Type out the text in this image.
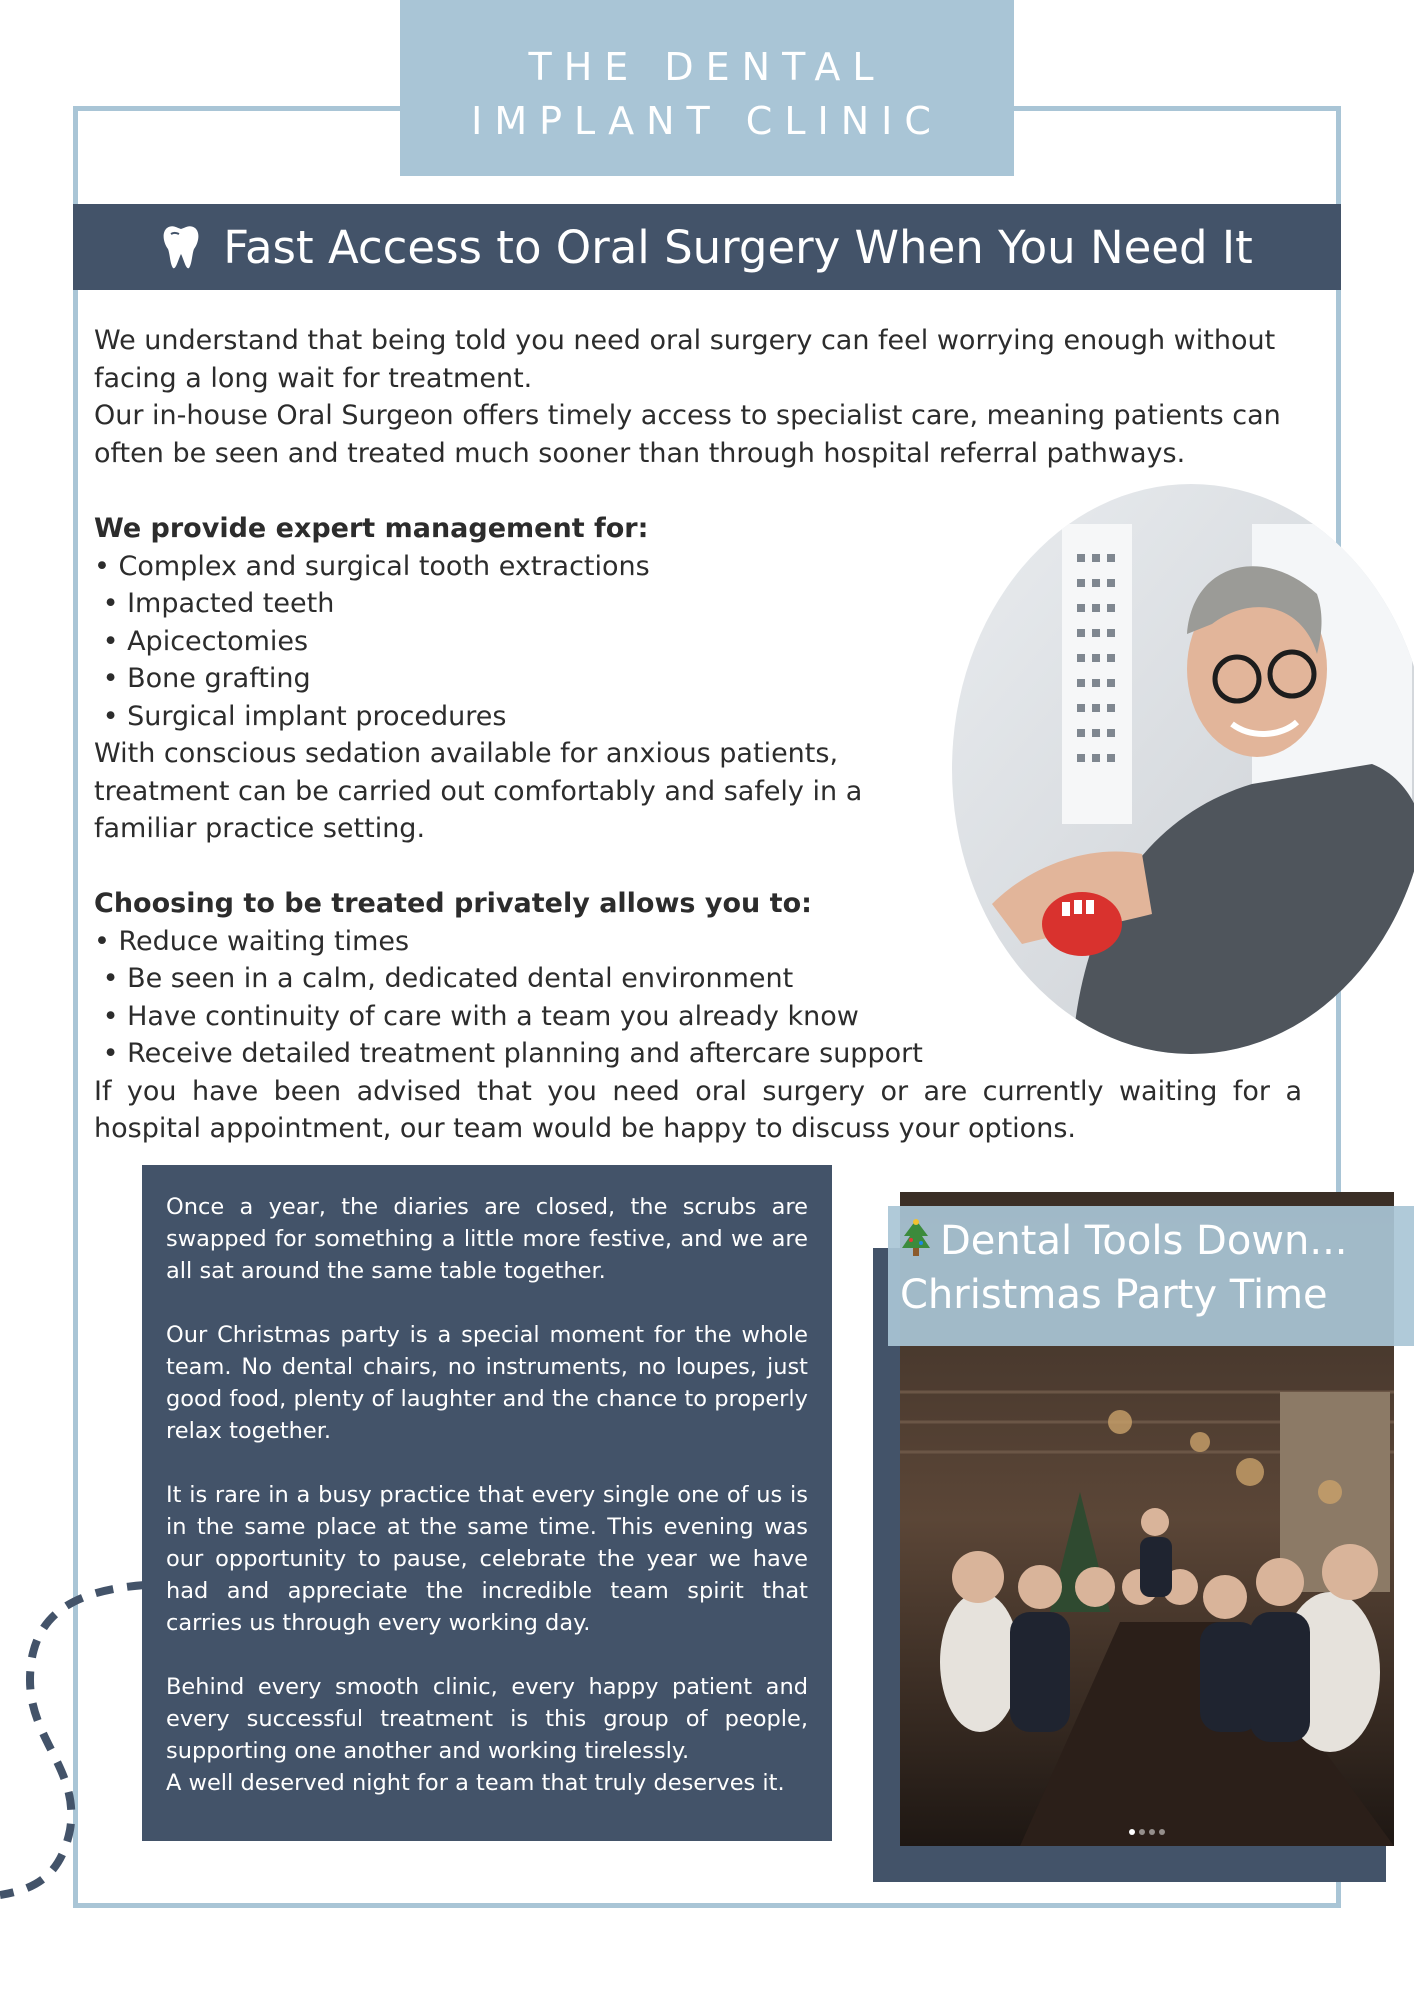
THE DENTAL
IMPLANT CLINIC
Fast Access to Oral Surgery When You Need It

We understand that being told you need oral surgery can feel worrying enough without facing a long wait for treatment.

Our in-house Oral Surgeon offers timely access to specialist care, meaning patients can often be seen and treated much sooner than through hospital referral pathways.

We provide expert management for:
• Complex and surgical tooth extractions
• Impacted teeth
• Apicectomies
• Bone grafting
• Surgical implant procedures

With conscious sedation available for anxious patients, treatment can be carried out comfortably and safely in a familiar practice setting.

Choosing to be treated privately allows you to:
• Reduce waiting times
• Be seen in a calm, dedicated dental environment
• Have continuity of care with a team you already know
• Receive detailed treatment planning and aftercare support

If you have been advised that you need oral surgery or are currently waiting for a hospital appointment, our team would be happy to discuss your options.

Once a year, the diaries are closed, the scrubs are swapped for something a little more festive, and we are all sat around the same table together.

Our Christmas party is a special moment for the whole team. No dental chairs, no instruments, no loupes, just good food, plenty of laughter and the chance to properly relax together.

It is rare in a busy practice that every single one of us is in the same place at the same time. This evening was our opportunity to pause, celebrate the year we have had and appreciate the incredible team spirit that carries us through every working day.

Behind every smooth clinic, every happy patient and every successful treatment is this group of people, supporting one another and working tirelessly.

A well deserved night for a team that truly deserves it.

Dental Tools Down...
Christmas Party Time
